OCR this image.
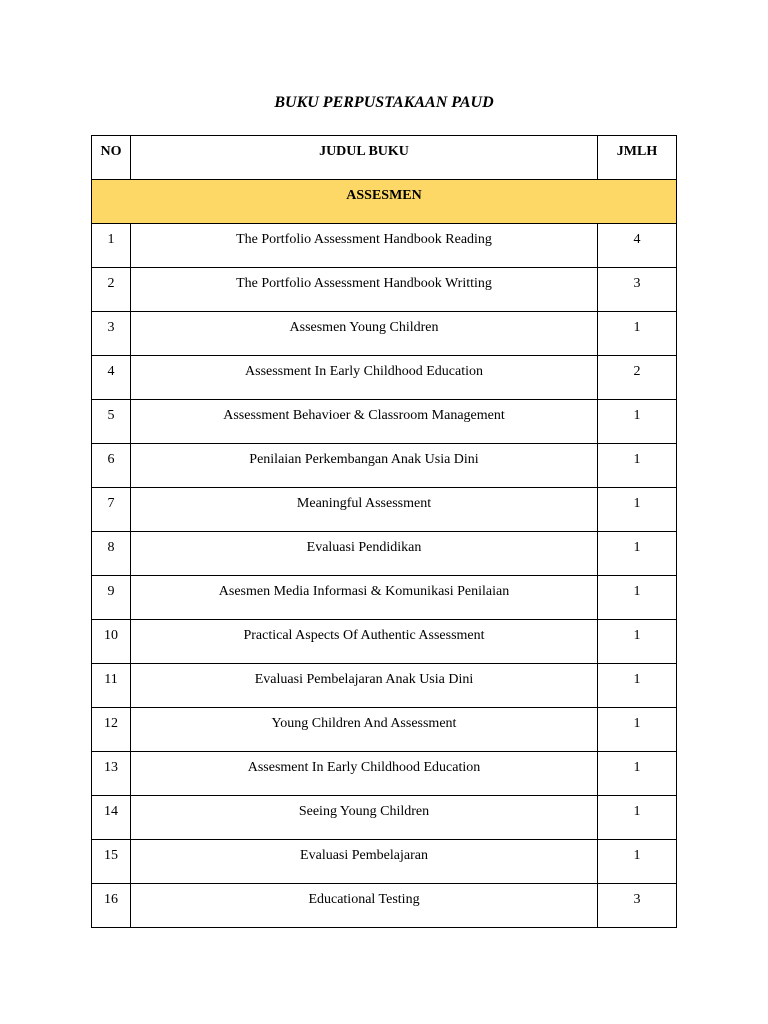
BUKU PERPUSTAKAAN PAUD
NO	JUDUL BUKU	JMLH

ASSESMEN		

1	The Portfolio Assessment Handbook Reading	4

2	The Portfolio Assessment Handbook Writting	3

3	Assesmen Young Children	1

4	Assessment In Early Childhood Education	2

5	Assessment Behavioer & Classroom Management	1

6	Penilaian Perkembangan Anak Usia Dini	1

7	Meaningful Assessment	1

8	Evaluasi Pendidikan	1

9	Asesmen Media Informasi & Komunikasi Penilaian	1

10	Practical Aspects Of Authentic Assessment	1

11	Evaluasi Pembelajaran Anak Usia Dini	1

12	Young Children And Assessment	1

13	Assesment In Early Childhood Education	1

14	Seeing Young Children	1

15	Evaluasi Pembelajaran	1

16	Educational Testing	3
